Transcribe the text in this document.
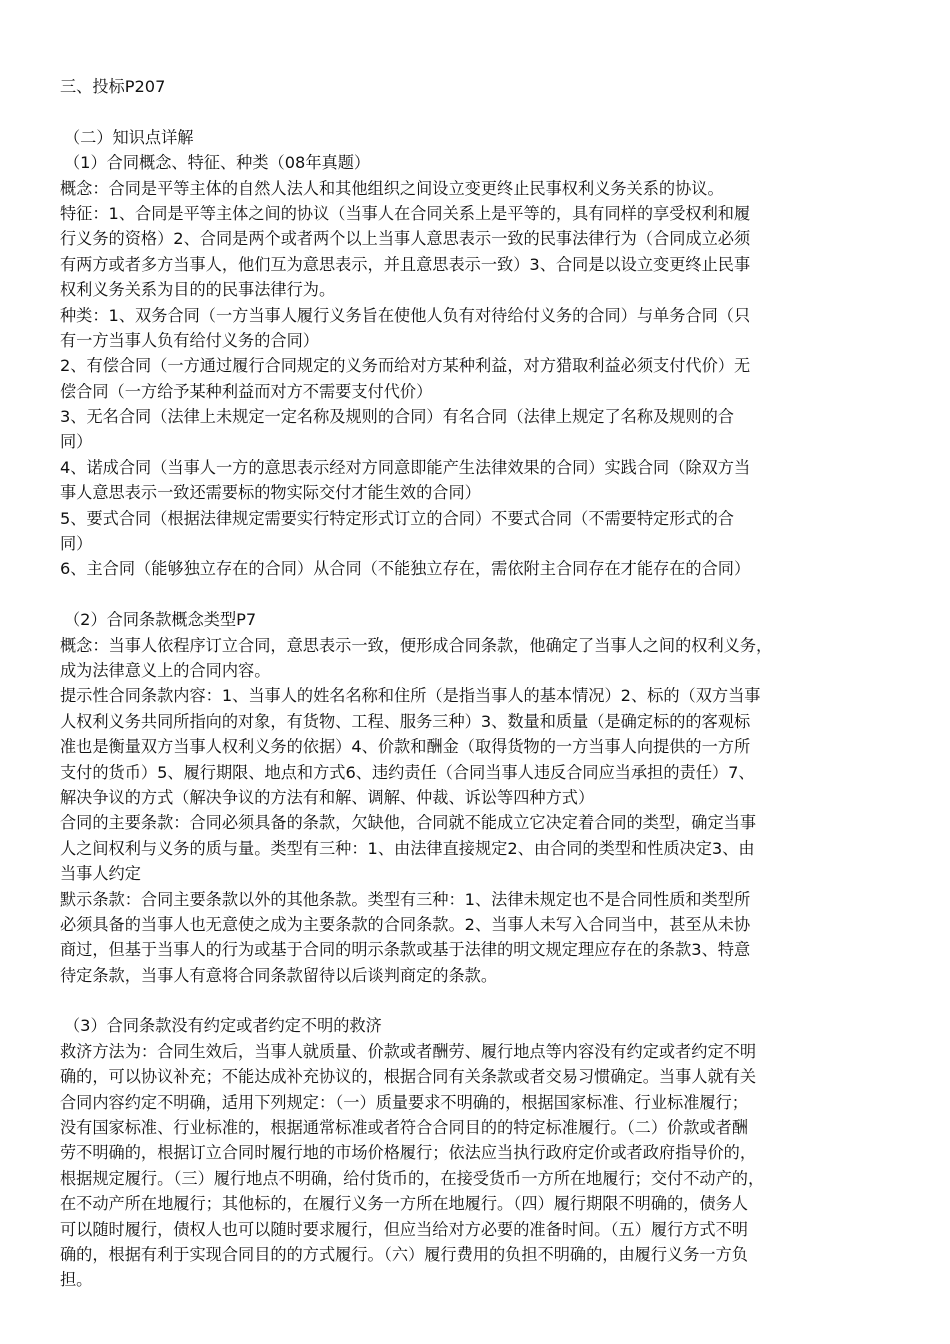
三、投标P207
（二）知识点详解
（1）合同概念、特征、种类（08年真题）
概念：合同是平等主体的自然人法人和其他组织之间设立变更终止民事权利义务关系的协议。
特征：1、合同是平等主体之间的协议（当事人在合同关系上是平等的，具有同样的享受权利和履
行义务的资格）2、合同是两个或者两个以上当事人意思表示一致的民事法律行为（合同成立必须
有两方或者多方当事人，他们互为意思表示，并且意思表示一致）3、合同是以设立变更终止民事
权利义务关系为目的的民事法律行为。
种类：1、双务合同（一方当事人履行义务旨在使他人负有对待给付义务的合同）与单务合同（只
有一方当事人负有给付义务的合同）
2、有偿合同（一方通过履行合同规定的义务而给对方某种利益，对方猎取利益必须支付代价）无
偿合同（一方给予某种利益而对方不需要支付代价）
3、无名合同（法律上未规定一定名称及规则的合同）有名合同（法律上规定了名称及规则的合
同）
4、诺成合同（当事人一方的意思表示经对方同意即能产生法律效果的合同）实践合同（除双方当
事人意思表示一致还需要标的物实际交付才能生效的合同）
5、要式合同（根据法律规定需要实行特定形式订立的合同）不要式合同（不需要特定形式的合
同）
6、主合同（能够独立存在的合同）从合同（不能独立存在，需依附主合同存在才能存在的合同）
（2）合同条款概念类型P7
概念：当事人依程序订立合同，意思表示一致，便形成合同条款，他确定了当事人之间的权利义务，
成为法律意义上的合同内容。
提示性合同条款内容：1、当事人的姓名名称和住所（是指当事人的基本情况）2、标的（双方当事
人权利义务共同所指向的对象，有货物、工程、服务三种）3、数量和质量（是确定标的的客观标
准也是衡量双方当事人权利义务的依据）4、价款和酬金（取得货物的一方当事人向提供的一方所
支付的货币）5、履行期限、地点和方式6、违约责任（合同当事人违反合同应当承担的责任）7、
解决争议的方式（解决争议的方法有和解、调解、仲裁、诉讼等四种方式）
合同的主要条款：合同必须具备的条款，欠缺他，合同就不能成立它决定着合同的类型，确定当事
人之间权利与义务的质与量。类型有三种：1、由法律直接规定2、由合同的类型和性质决定3、由
当事人约定
默示条款：合同主要条款以外的其他条款。类型有三种：1、法律未规定也不是合同性质和类型所
必须具备的当事人也无意使之成为主要条款的合同条款。2、当事人未写入合同当中，甚至从未协
商过，但基于当事人的行为或基于合同的明示条款或基于法律的明文规定理应存在的条款3、特意
待定条款，当事人有意将合同条款留待以后谈判商定的条款。
（3）合同条款没有约定或者约定不明的救济
救济方法为：合同生效后，当事人就质量、价款或者酬劳、履行地点等内容没有约定或者约定不明
确的，可以协议补充；不能达成补充协议的，根据合同有关条款或者交易习惯确定。当事人就有关
合同内容约定不明确，适用下列规定：（一）质量要求不明确的，根据国家标准、行业标准履行；
没有国家标准、行业标准的，根据通常标准或者符合合同目的的特定标准履行。（二）价款或者酬
劳不明确的，根据订立合同时履行地的市场价格履行；依法应当执行政府定价或者政府指导价的，
根据规定履行。（三）履行地点不明确，给付货币的，在接受货币一方所在地履行；交付不动产的，
在不动产所在地履行；其他标的，在履行义务一方所在地履行。（四）履行期限不明确的，债务人
可以随时履行，债权人也可以随时要求履行，但应当给对方必要的准备时间。（五）履行方式不明
确的，根据有利于实现合同目的的方式履行。（六）履行费用的负担不明确的，由履行义务一方负
担。
